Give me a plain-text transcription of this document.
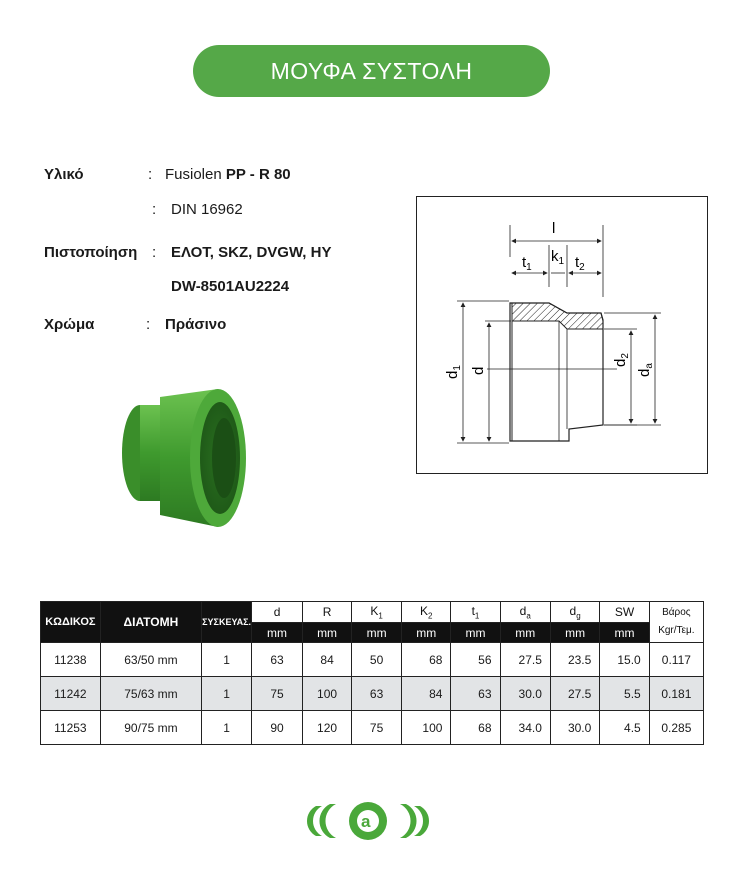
ΜΟΥΦΑ ΣΥΣΤΟΛΗ
Υλικό	: Fusiolen PP - R 80
: DIN 16962
Πιστοποίηση : ΕΛΟΤ, SKZ, DVGW, HY
DW-8501AU2224
Χρώμα	: Πράσινο
l
$t_1$
$k_1$ $t_2$
$d_1$ d
$d_2$
$d_a$
ΚΩΔΙΚΟΣ	ΔΙΑΤΟΜΗ	ΣΥΣΚΕΥΑΣ.	d	R	$K_1$	$K_2$	$t_1$	$d_a$	$d_g$	SW	Βάρος
Kgr/Τεμ.

			mm	mm	mm	mm	mm	mm	mm	mm	
11238	63/50 mm	1	63	84	50	68	56	27.5	23.5	15.0	0.117
11242	75/63 mm	1	75	100	63	84	63	30.0	27.5	5.5	0.181
11253	90/75 mm	1	90	120	75	100	68	34.0	30.0	4.5	0.285
a
